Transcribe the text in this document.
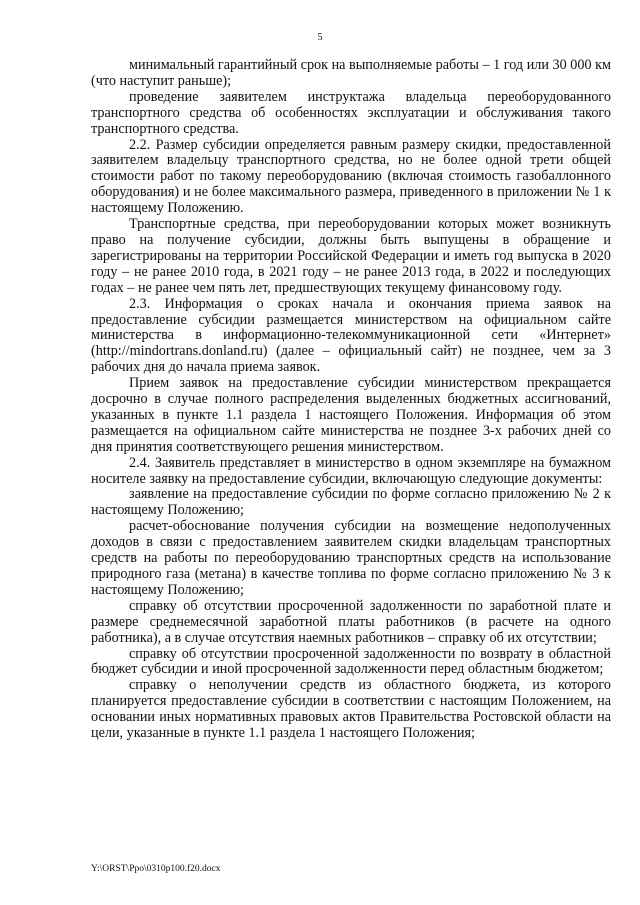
5

минимальный гарантийный срок на выполняемые работы – 1 год или 30 000 км (что наступит раньше);

проведение заявителем инструктажа владельца переоборудованного транспортного средства об особенностях эксплуатации и обслуживания такого транспортного средства.

2.2. Размер субсидии определяется равным размеру скидки, предоставленной заявителем владельцу транспортного средства, но не более одной трети общей стоимости работ по такому переоборудованию (включая стоимость газобаллонного оборудования) и не более максимального размера, приведенного в приложении № 1 к настоящему Положению.

Транспортные средства, при переоборудовании которых может возникнуть право на получение субсидии, должны быть выпущены в обращение и зарегистрированы на территории Российской Федерации и иметь год выпуска в 2020 году – не ранее 2010 года, в 2021 году – не ранее 2013 года, в 2022 и последующих годах – не ранее чем пять лет, предшествующих текущему финансовому году.

2.3. Информация о сроках начала и окончания приема заявок на предоставление субсидии размещается министерством на официальном сайте министерства в информационно-телекоммуникационной сети «Интернет» (http://mindortrans.donland.ru) (далее – официальный сайт) не позднее, чем за 3 рабочих дня до начала приема заявок.

Прием заявок на предоставление субсидии министерством прекращается досрочно в случае полного распределения выделенных бюджетных ассигнований, указанных в пункте 1.1 раздела 1 настоящего Положения. Информация об этом размещается на официальном сайте министерства не позднее 3-х рабочих дней со дня принятия соответствующего решения министерством.

2.4. Заявитель представляет в министерство в одном экземпляре на бумажном носителе заявку на предоставление субсидии, включающую следующие документы:

заявление на предоставление субсидии по форме согласно приложению № 2 к настоящему Положению;

расчет-обоснование получения субсидии на возмещение недополученных доходов в связи с предоставлением заявителем скидки владельцам транспортных средств на работы по переоборудованию транспортных средств на использование природного газа (метана) в качестве топлива по форме согласно приложению № 3 к настоящему Положению;

справку об отсутствии просроченной задолженности по заработной плате и размере среднемесячной заработной платы работников (в расчете на одного работника), а в случае отсутствия наемных работников – справку об их отсутствии;

справку об отсутствии просроченной задолженности по возврату в областной бюджет субсидии и иной просроченной задолженности перед областным бюджетом;

справку о неполучении средств из областного бюджета, из которого планируется предоставление субсидии в соответствии с настоящим Положением, на основании иных нормативных правовых актов Правительства Ростовской области на цели, указанные в пункте 1.1 раздела 1 настоящего Положения;

Y:\ORST\Ppo\0310p100.f20.docx
